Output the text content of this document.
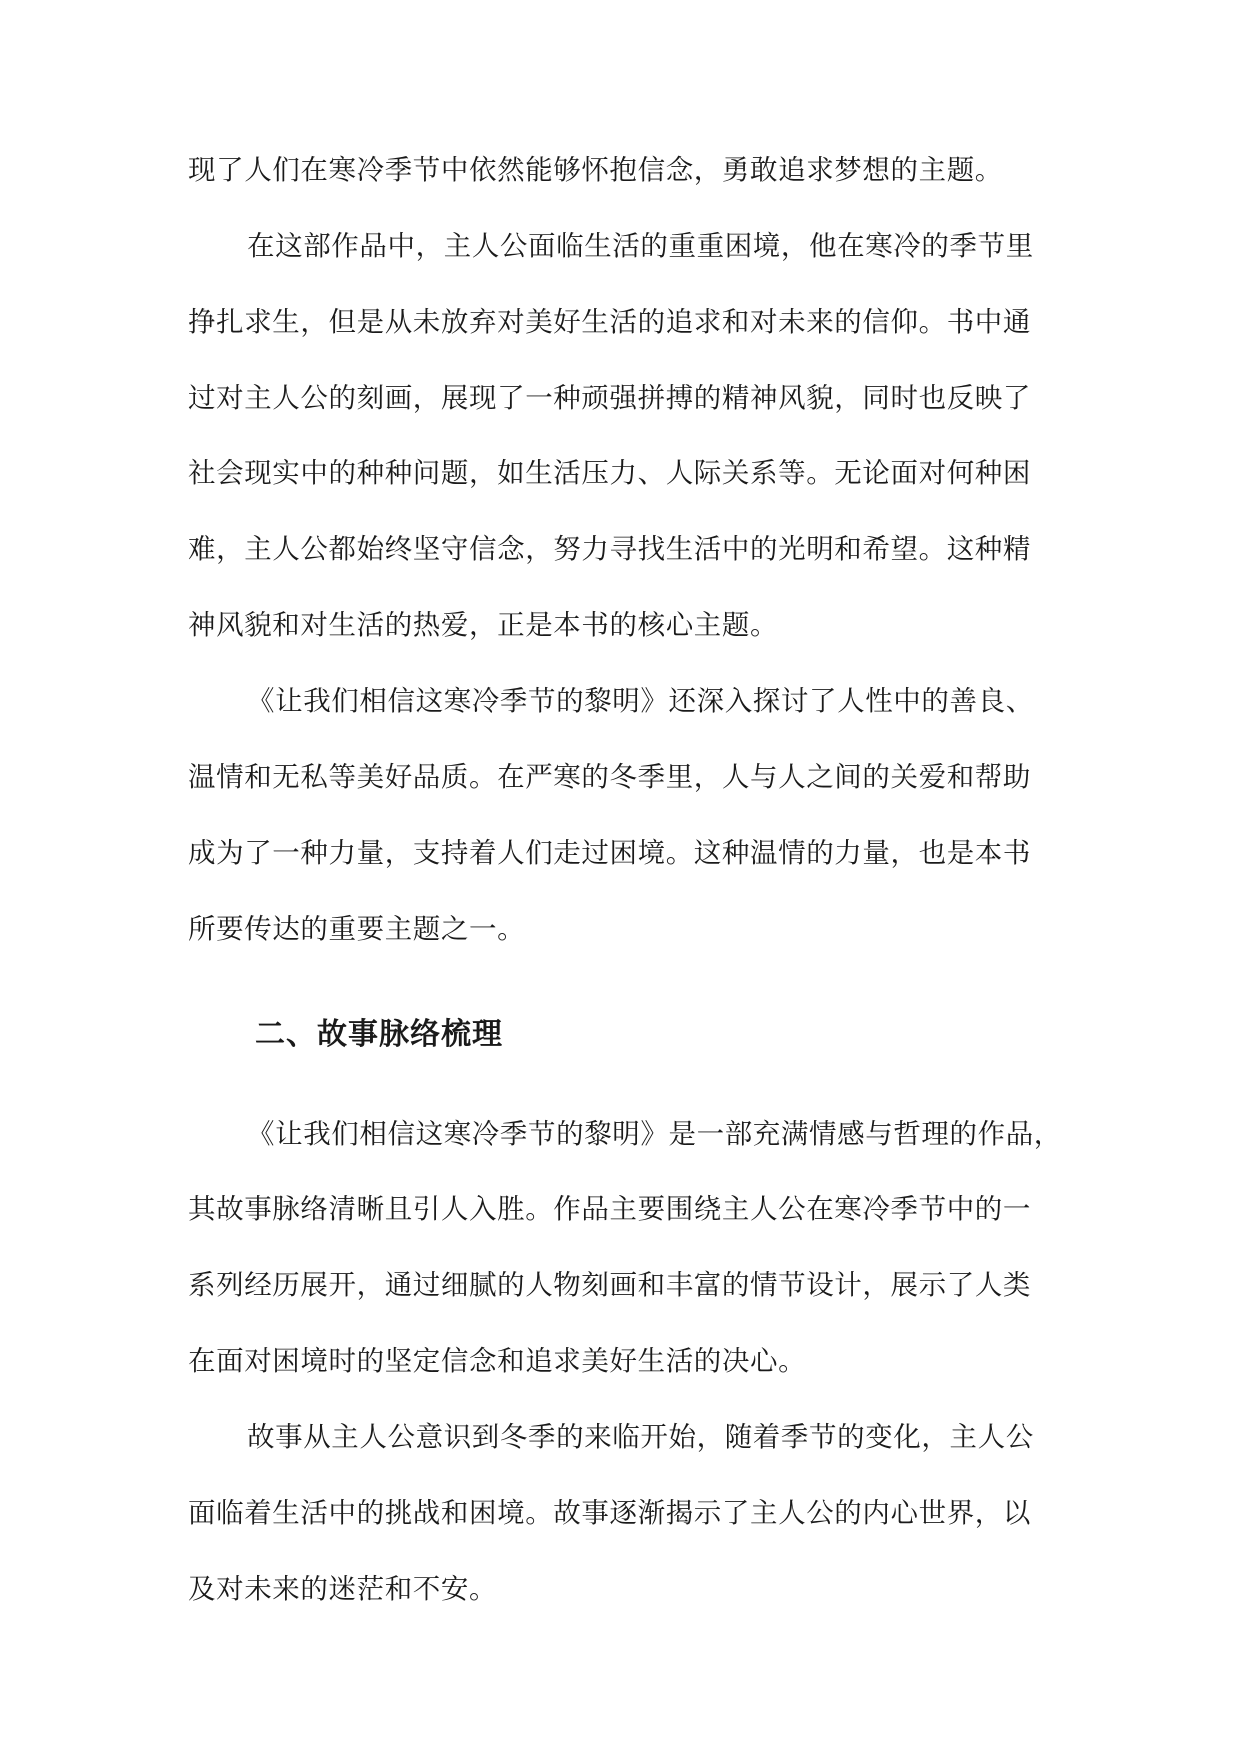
现了人们在寒冷季节中依然能够怀抱信念，勇敢追求梦想的主题。
在这部作品中，主人公面临生活的重重困境，他在寒冷的季节里
挣扎求生，但是从未放弃对美好生活的追求和对未来的信仰。书中通
过对主人公的刻画，展现了一种顽强拼搏的精神风貌，同时也反映了
社会现实中的种种问题，如生活压力、人际关系等。无论面对何种困
难，主人公都始终坚守信念，努力寻找生活中的光明和希望。这种精
神风貌和对生活的热爱，正是本书的核心主题。
《让我们相信这寒冷季节的黎明》还深入探讨了人性中的善良、
温情和无私等美好品质。在严寒的冬季里，人与人之间的关爱和帮助
成为了一种力量，支持着人们走过困境。这种温情的力量，也是本书
所要传达的重要主题之一。
二、故事脉络梳理
《让我们相信这寒冷季节的黎明》是一部充满情感与哲理的作品，
其故事脉络清晰且引人入胜。作品主要围绕主人公在寒冷季节中的一
系列经历展开，通过细腻的人物刻画和丰富的情节设计，展示了人类
在面对困境时的坚定信念和追求美好生活的决心。
故事从主人公意识到冬季的来临开始，随着季节的变化，主人公
面临着生活中的挑战和困境。故事逐渐揭示了主人公的内心世界，以
及对未来的迷茫和不安。
